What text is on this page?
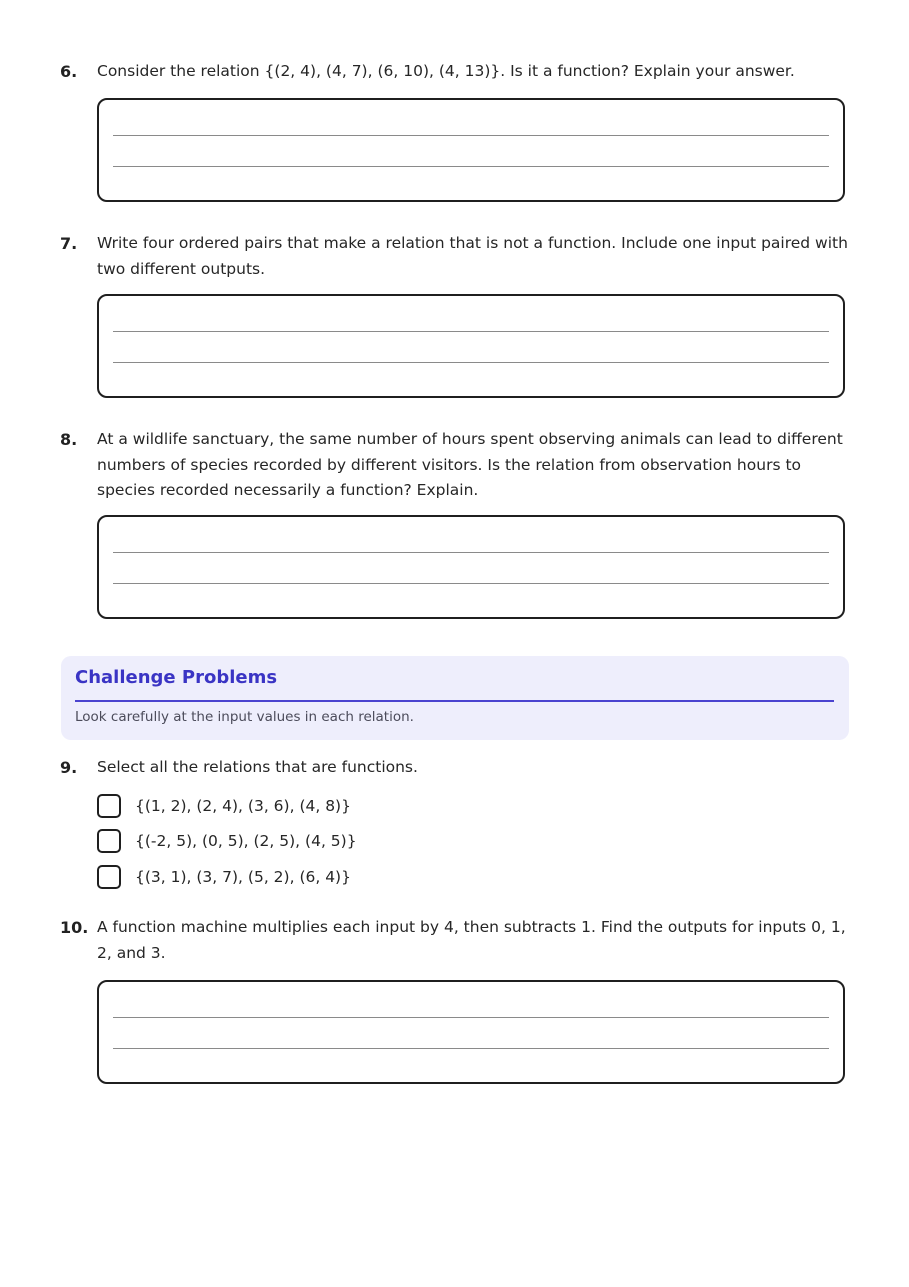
6.	Consider the relation {(2, 4), (4, 7), (6, 10), (4, 13)}. Is it a function? Explain your answer.
7.	Write four ordered pairs that make a relation that is not a function. Include one input paired with two different outputs.
8.	At a wildlife sanctuary, the same number of hours spent observing animals can lead to different numbers of species recorded by different visitors. Is the relation from observation hours to species recorded necessarily a function? Explain.
Challenge Problems
Look carefully at the input values in each relation.
9.	Select all the relations that are functions.
{(1, 2), (2, 4), (3, 6), (4, 8)}
{(-2, 5), (0, 5), (2, 5), (4, 5)}
{(3, 1), (3, 7), (5, 2), (6, 4)}
10. A function machine multiplies each input by 4, then subtracts 1. Find the outputs for inputs 0, 1, 2, and 3.
